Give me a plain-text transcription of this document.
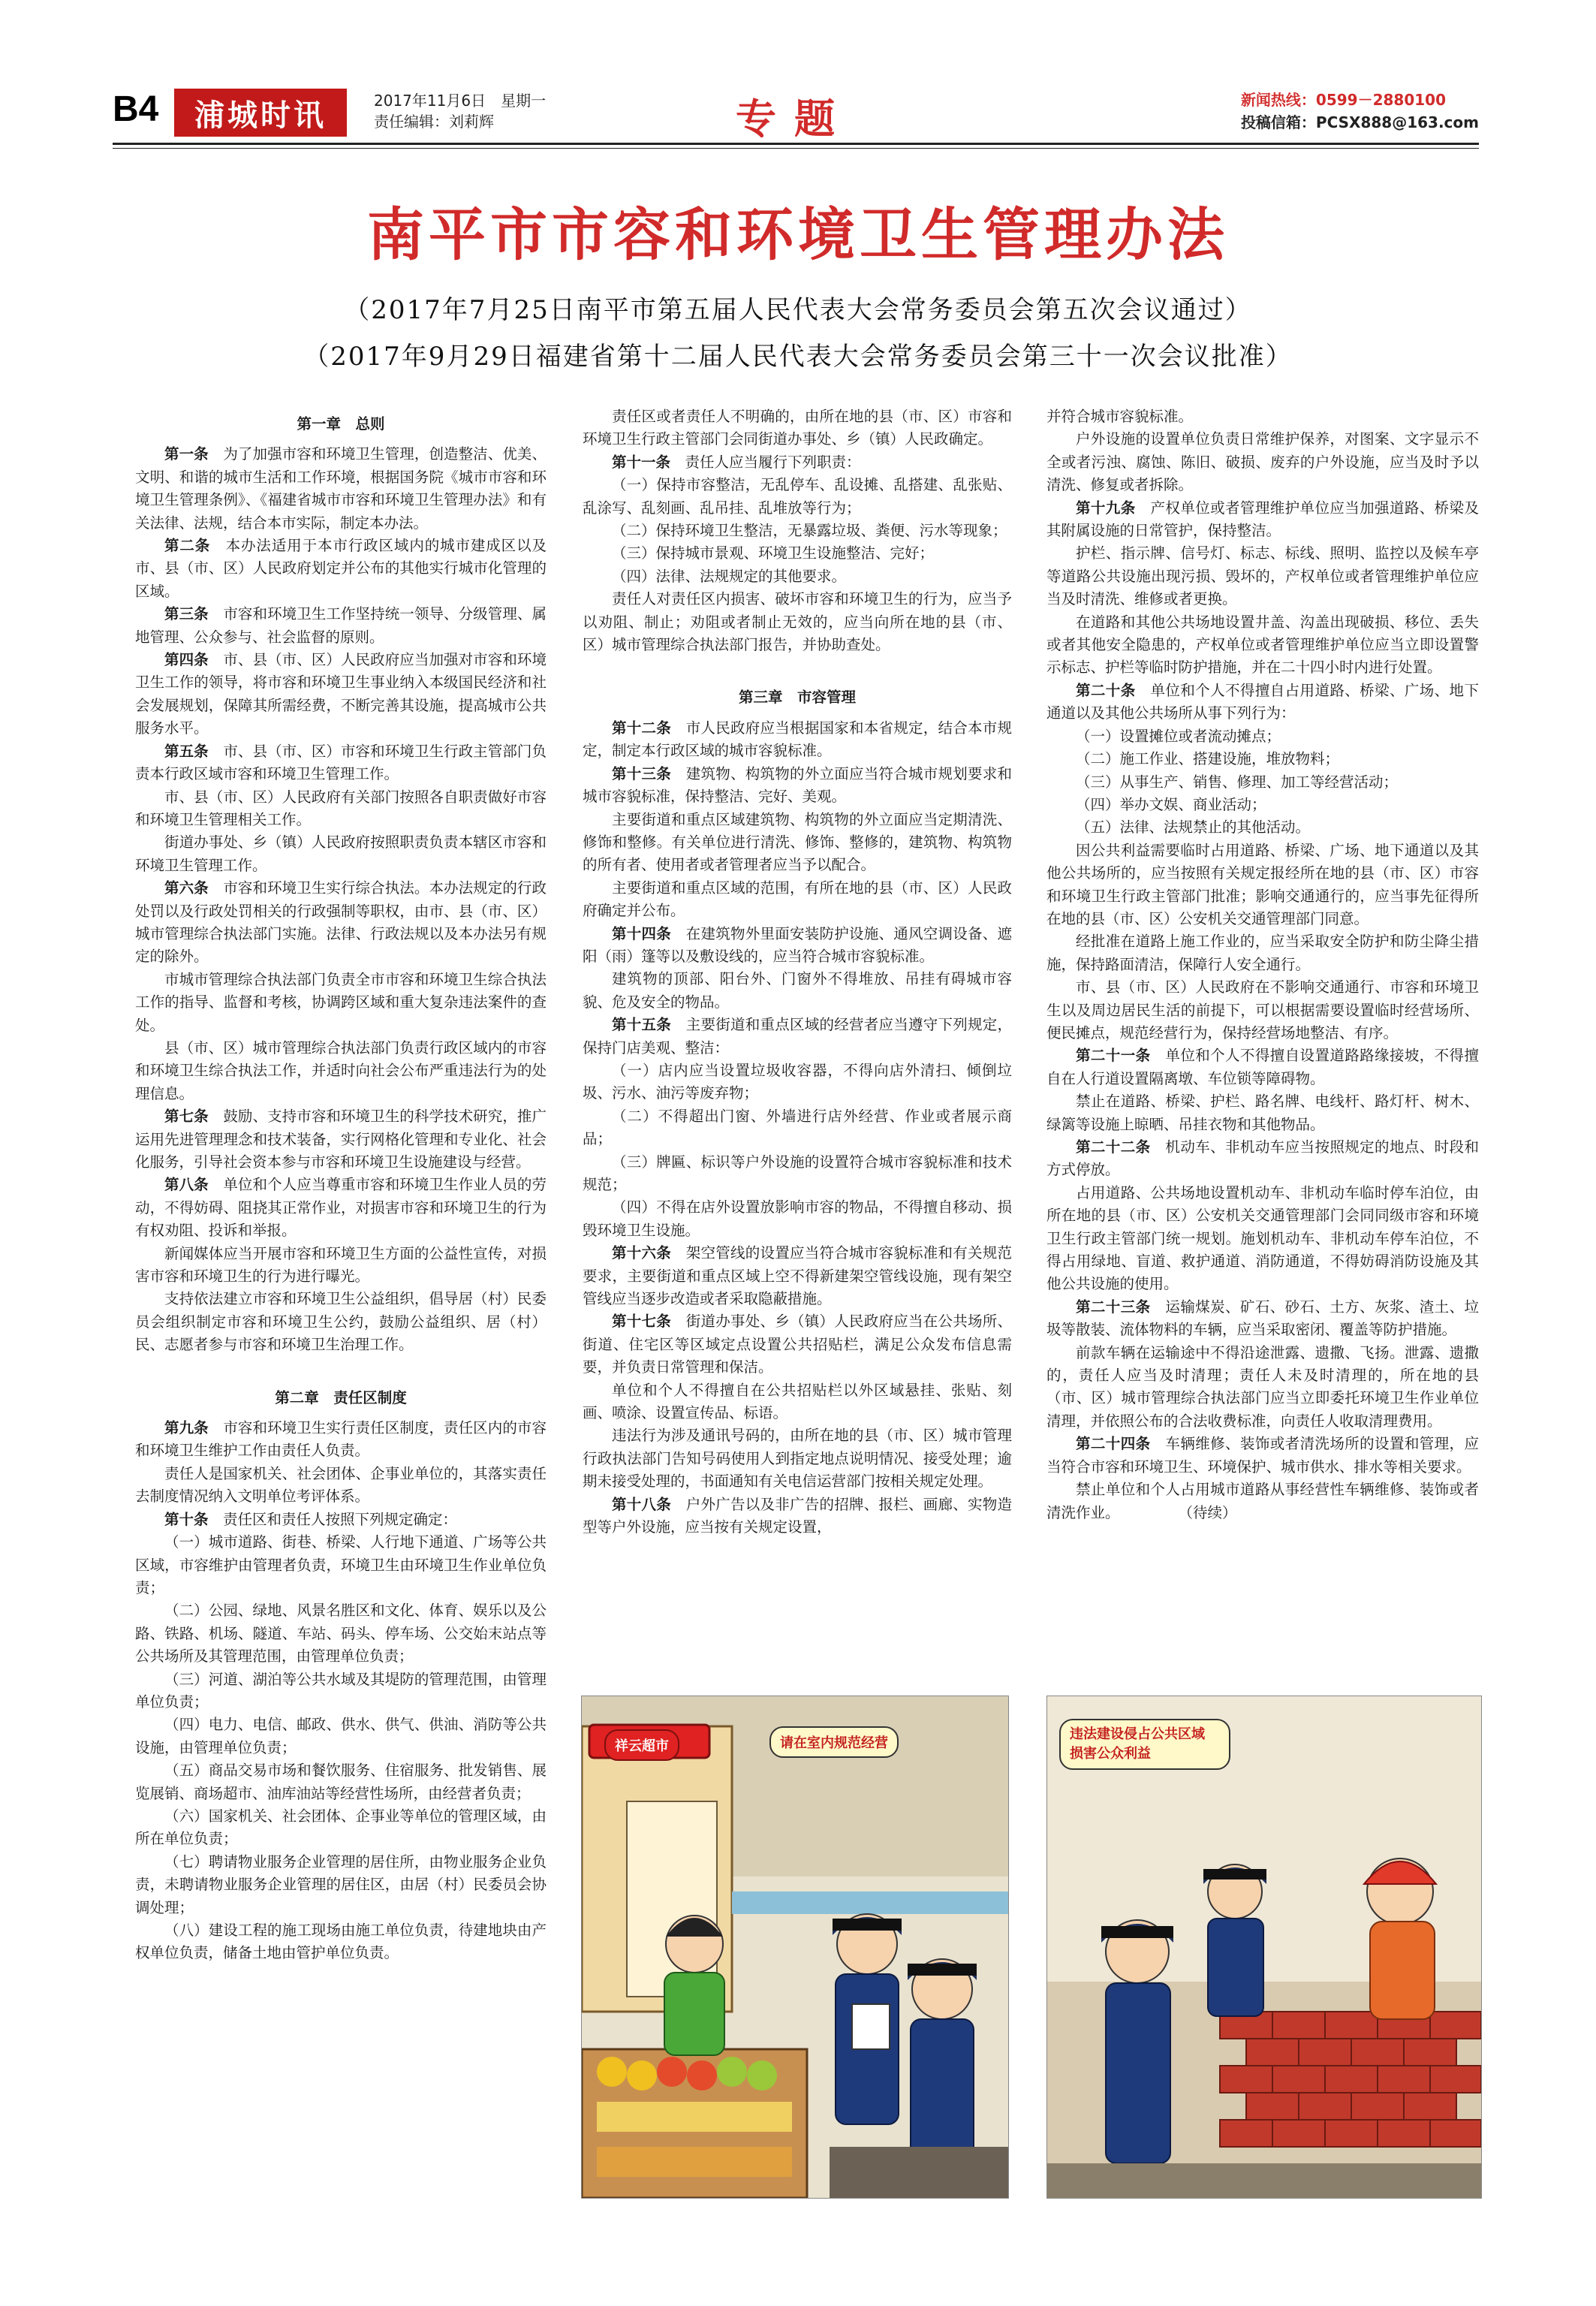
B4	浦城时讯	2017年11月6日　星期一
责任编辑：刘莉辉	专题	新闻热线：0599－2880100
投稿信箱：PCSX888@163.com
南平市市容和环境卫生管理办法
（2017年7月25日南平市第五届人民代表大会常务委员会第五次会议通过）
（2017年9月29日福建省第十二届人民代表大会常务委员会第三十一次会议批准）
第一章　总则

第一条　 为了加强市容和环境卫生管理，创造整洁、优美、文明、和谐的城市生活和工作环境，根据国务院《城市市容和环境卫生管理条例》、《福建省城市市容和环境卫生管理办法》和有关法律、法规，结合本市实际，制定本办法。

第二条　 本办法适用于本市行政区域内的城市建成区以及市、县（市、区）人民政府划定并公布的其他实行城市化管理的区域。

第三条　 市容和环境卫生工作坚持统一领导、分级管理、属地管理、公众参与、社会监督的原则。

第四条　 市、县（市、区）人民政府应当加强对市容和环境卫生工作的领导，将市容和环境卫生事业纳入本级国民经济和社会发展规划，保障其所需经费，不断完善其设施，提高城市公共服务水平。

第五条　 市、县（市、区）市容和环境卫生行政主管部门负责本行政区域市容和环境卫生管理工作。

市、县（市、区）人民政府有关部门按照各自职责做好市容和环境卫生管理相关工作。

街道办事处、乡（镇）人民政府按照职责负责本辖区市容和环境卫生管理工作。

第六条　 市容和环境卫生实行综合执法。本办法规定的行政处罚以及行政处罚相关的行政强制等职权，由市、县（市、区）城市管理综合执法部门实施。法律、行政法规以及本办法另有规定的除外。

市城市管理综合执法部门负责全市市容和环境卫生综合执法工作的指导、监督和考核，协调跨区域和重大复杂违法案件的查处。

县（市、区）城市管理综合执法部门负责行政区域内的市容和环境卫生综合执法工作，并适时向社会公布严重违法行为的处理信息。

第七条　 鼓励、支持市容和环境卫生的科学技术研究，推广运用先进管理理念和技术装备，实行网格化管理和专业化、社会化服务，引导社会资本参与市容和环境卫生设施建设与经营。

第八条　 单位和个人应当尊重市容和环境卫生作业人员的劳动，不得妨碍、阻挠其正常作业，对损害市容和环境卫生的行为有权劝阻、投诉和举报。

新闻媒体应当开展市容和环境卫生方面的公益性宣传，对损害市容和环境卫生的行为进行曝光。

支持依法建立市容和环境卫生公益组织，倡导居（村）民委员会组织制定市容和环境卫生公约，鼓励公益组织、居（村）民、志愿者参与市容和环境卫生治理工作。

第二章　责任区制度

第九条　 市容和环境卫生实行责任区制度，责任区内的市容和环境卫生维护工作由责任人负责。

责任人是国家机关、社会团体、企事业单位的，其落实责任去制度情况纳入文明单位考评体系。

第十条　 责任区和责任人按照下列规定确定：

（一）城市道路、街巷、桥梁、人行地下通道、广场等公共区域，市容维护由管理者负责，环境卫生由环境卫生作业单位负责；

（二）公园、绿地、风景名胜区和文化、体育、娱乐以及公路、铁路、机场、隧道、车站、码头、停车场、公交始末站点等公共场所及其管理范围，由管理单位负责；

（三）河道、湖泊等公共水域及其堤防的管理范围，由管理单位负责；

（四）电力、电信、邮政、供水、供气、供油、消防等公共设施，由管理单位负责；

（五）商品交易市场和餐饮服务、住宿服务、批发销售、展览展销、商场超市、油库油站等经营性场所，由经营者负责；

（六）国家机关、社会团体、企事业等单位的管理区域，由所在单位负责；

（七）聘请物业服务企业管理的居住所，由物业服务企业负责，未聘请物业服务企业管理的居住区，由居（村）民委员会协调处理；

（八）建设工程的施工现场由施工单位负责，待建地块由产权单位负责，储备土地由管护单位负责。

责任区或者责任人不明确的，由所在地的县（市、区）市容和环境卫生行政主管部门会同街道办事处、乡（镇）人民政确定。

第十一条　 责任人应当履行下列职责：

（一）保持市容整洁，无乱停车、乱设摊、乱搭建、乱张贴、乱涂写、乱刻画、乱吊挂、乱堆放等行为；

（二）保持环境卫生整洁，无暴露垃圾、粪便、污水等现象；

（三）保持城市景观、环境卫生设施整洁、完好；

（四）法律、法规规定的其他要求。

责任人对责任区内损害、破坏市容和环境卫生的行为，应当予以劝阻、制止；劝阻或者制止无效的，应当向所在地的县（市、区）城市管理综合执法部门报告，并协助查处。

第三章　市容管理

第十二条　 市人民政府应当根据国家和本省规定，结合本市规定，制定本行政区域的城市容貌标准。

第十三条　 建筑物、构筑物的外立面应当符合城市规划要求和城市容貌标准，保持整洁、完好、美观。

主要街道和重点区域建筑物、构筑物的外立面应当定期清洗、修饰和整修。有关单位进行清洗、修饰、整修的，建筑物、构筑物的所有者、使用者或者管理者应当予以配合。

主要街道和重点区域的范围，有所在地的县（市、区）人民政府确定并公布。

第十四条　 在建筑物外里面安装防护设施、通风空调设备、遮阳（雨）篷等以及敷设线的，应当符合城市容貌标准。

建筑物的顶部、阳台外、门窗外不得堆放、吊挂有碍城市容貌、危及安全的物品。

第十五条　 主要街道和重点区域的经营者应当遵守下列规定，保持门店美观、整洁：

（一）店内应当设置垃圾收容器，不得向店外清扫、倾倒垃圾、污水、油污等废弃物；

（二）不得超出门窗、外墙进行店外经营、作业或者展示商品；

（三）牌匾、标识等户外设施的设置符合城市容貌标准和技术规范；

（四）不得在店外设置放影响市容的物品，不得擅自移动、损毁环境卫生设施。

第十六条　 架空管线的设置应当符合城市容貌标准和有关规范要求，主要街道和重点区域上空不得新建架空管线设施，现有架空管线应当逐步改造或者采取隐蔽措施。

第十七条　 街道办事处、乡（镇）人民政府应当在公共场所、街道、住宅区等区域定点设置公共招贴栏，满足公众发布信息需要，并负责日常管理和保洁。

单位和个人不得擅自在公共招贴栏以外区域悬挂、张贴、刻画、喷涂、设置宣传品、标语。

违法行为涉及通讯号码的，由所在地的县（市、区）城市管理行政执法部门告知号码使用人到指定地点说明情况、接受处理；逾期未接受处理的，书面通知有关电信运营部门按相关规定处理。

第十八条　 户外广告以及非广告的招牌、报栏、画廊、实物造型等户外设施，应当按有关规定设置，

并符合城市容貌标准。

户外设施的设置单位负责日常维护保养，对图案、文字显示不全或者污浊、腐蚀、陈旧、破损、废弃的户外设施，应当及时予以清洗、修复或者拆除。

第十九条　 产权单位或者管理维护单位应当加强道路、桥梁及其附属设施的日常管护，保持整洁。

护栏、指示牌、信号灯、标志、标线、照明、监控以及候车亭等道路公共设施出现污损、毁坏的，产权单位或者管理维护单位应当及时清洗、维修或者更换。

在道路和其他公共场地设置井盖、沟盖出现破损、移位、丢失或者其他安全隐患的，产权单位或者管理维护单位应当立即设置警示标志、护栏等临时防护措施，并在二十四小时内进行处置。

第二十条　 单位和个人不得擅自占用道路、桥梁、广场、地下通道以及其他公共场所从事下列行为：

（一）设置摊位或者流动摊点；

（二）施工作业、搭建设施，堆放物料；

（三）从事生产、销售、修理、加工等经营活动；

（四）举办文娱、商业活动；

（五）法律、法规禁止的其他活动。

因公共利益需要临时占用道路、桥梁、广场、地下通道以及其他公共场所的，应当按照有关规定报经所在地的县（市、区）市容和环境卫生行政主管部门批准；影响交通通行的，应当事先征得所在地的县（市、区）公安机关交通管理部门同意。

经批准在道路上施工作业的，应当采取安全防护和防尘降尘措施，保持路面清洁，保障行人安全通行。

市、县（市、区）人民政府在不影响交通通行、市容和环境卫生以及周边居民生活的前提下，可以根据需要设置临时经营场所、便民摊点，规范经营行为，保持经营场地整洁、有序。

第二十一条　 单位和个人不得擅自设置道路路缘接坡，不得擅自在人行道设置隔离墩、车位锁等障碍物。

禁止在道路、桥梁、护栏、路名牌、电线杆、路灯杆、树木、绿篱等设施上晾晒、吊挂衣物和其他物品。

第二十二条　 机动车、非机动车应当按照规定的地点、时段和方式停放。

占用道路、公共场地设置机动车、非机动车临时停车泊位，由所在地的县（市、区）公安机关交通管理部门会同同级市容和环境卫生行政主管部门统一规划。施划机动车、非机动车停车泊位，不得占用绿地、盲道、救护通道、消防通道，不得妨碍消防设施及其他公共设施的使用。

第二十三条　 运输煤炭、矿石、砂石、土方、灰浆、渣土、垃圾等散装、流体物料的车辆，应当采取密闭、覆盖等防护措施。

前款车辆在运输途中不得沿途泄露、遗撒、飞扬。泄露、遗撒的，责任人应当及时清理；责任人未及时清理的，所在地的县（市、区）城市管理综合执法部门应当立即委托环境卫生作业单位清理，并依照公布的合法收费标准，向责任人收取清理费用。

第二十四条　 车辆维修、装饰或者清洗场所的设置和管理，应当符合市容和环境卫生、环境保护、城市供水、排水等相关要求。

禁止单位和个人占用城市道路从事经营性车辆维修、装饰或者清洗作业。　　　　　（待续）

祥云超市	请在室内规范经营
违法建设侵占公共区域 损害公众利益
